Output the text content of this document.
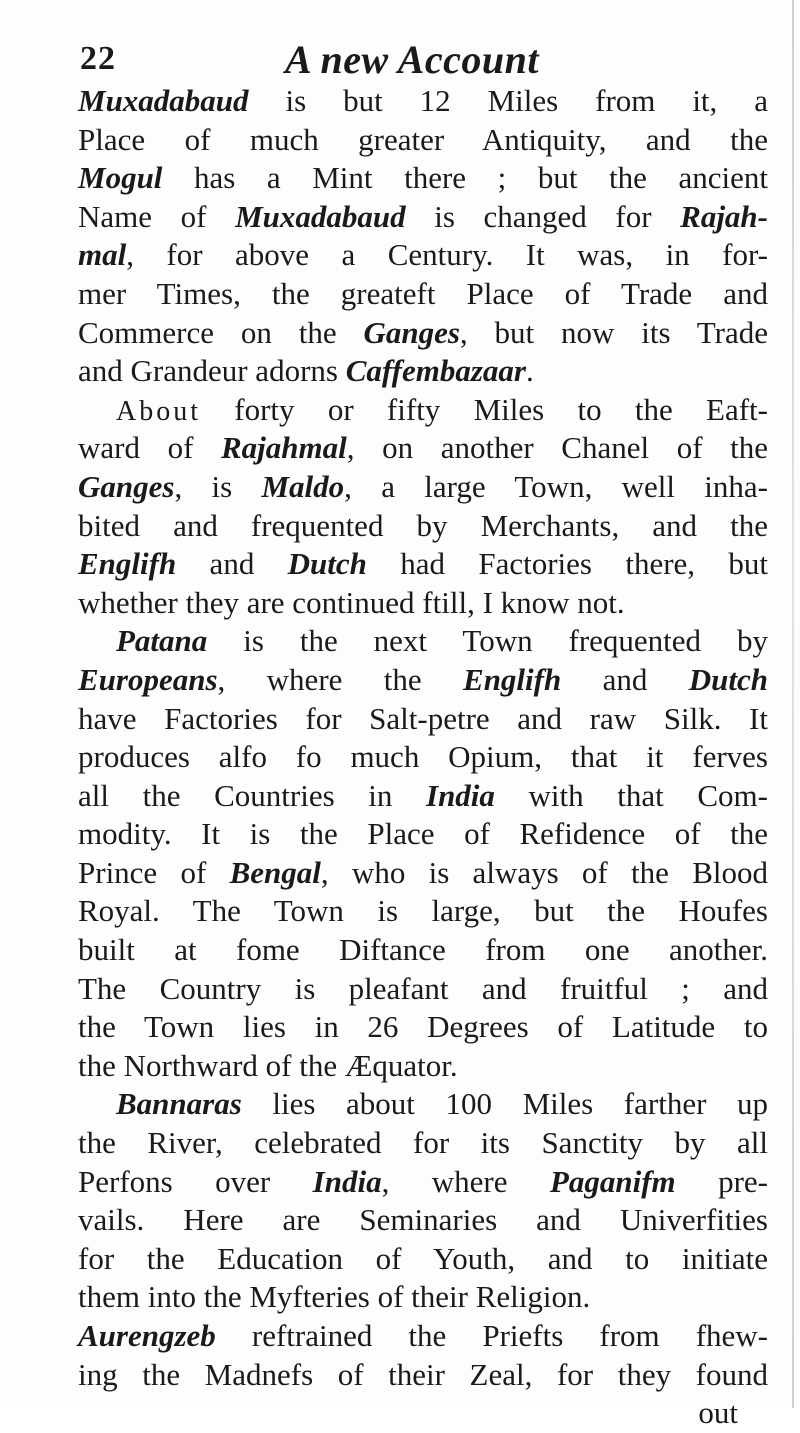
22	A new Account
Muxadabaud is but 12 Miles from it, a
Place of much greater Antiquity, and the
Mogul has a Mint there ; but the ancient
Name of Muxadabaud is changed for Rajah-
mal, for above a Century. It was, in for-
mer Times, the greateft Place of Trade and
Commerce on the Ganges, but now its Trade
and Grandeur adorns Caffembazaar.
About forty or fifty Miles to the Eaft-
ward of Rajahmal, on another Chanel of the
Ganges, is Maldo, a large Town, well inha-
bited and frequented by Merchants, and the
Englifh and Dutch had Factories there, but
whether they are continued ftill, I know not.
Patana is the next Town frequented by
Europeans, where the Englifh and Dutch
have Factories for Salt-petre and raw Silk. It
produces alfo fo much Opium, that it ferves
all the Countries in India with that Com-
modity. It is the Place of Refidence of the
Prince of Bengal, who is always of the Blood
Royal. The Town is large, but the Houfes
built at fome Diftance from one another.
The Country is pleafant and fruitful ; and
the Town lies in 26 Degrees of Latitude to
the Northward of the Æquator.
Bannaras lies about 100 Miles farther up
the River, celebrated for its Sanctity by all
Perfons over India, where Paganifm pre-
vails. Here are Seminaries and Univerfities
for the Education of Youth, and to initiate
them into the Myfteries of their Religion.
Aurengzeb reftrained the Priefts from fhew-
ing the Madnefs of their Zeal, for they found
out
